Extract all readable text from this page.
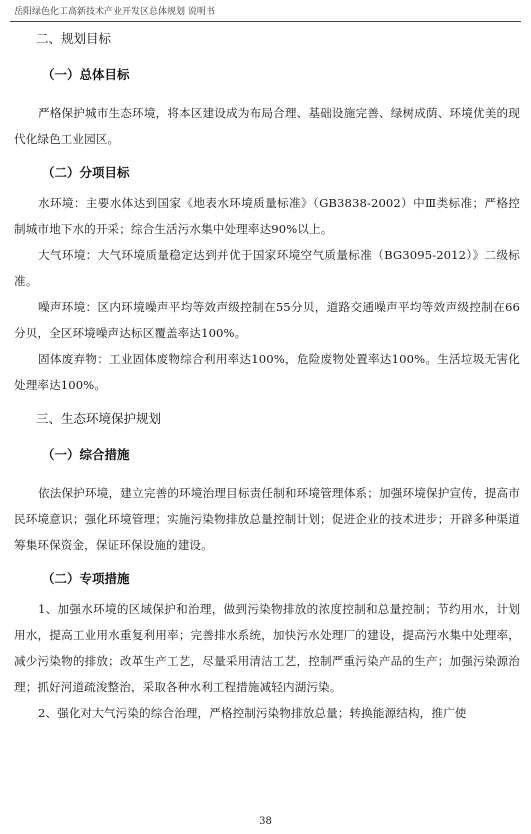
岳阳绿色化工高新技术产业开发区总体规划 说明书
二、规划目标
（一）总体目标

严格保护城市生态环境，将本区建设成为布局合理、基础设施完善、绿树成荫、环境优美的现代化绿色工业园区。

（二）分项目标

水环境：主要水体达到国家《地表水环境质量标准》（GB3838-2002）中Ⅲ类标准；严格控制城市地下水的开采；综合生活污水集中处理率达90%以上。

大气环境：大气环境质量稳定达到并优于国家环境空气质量标准（BG3095-2012）》二级标准。

噪声环境：区内环境噪声平均等效声级控制在55分贝，道路交通噪声平均等效声级控制在66分贝，全区环境噪声达标区覆盖率达100%。

固体废弃物：工业固体废物综合利用率达100%，危险废物处置率达100%。生活垃圾无害化处理率达100%。

三、生态环境保护规划
（一）综合措施

依法保护环境，建立完善的环境治理目标责任制和环境管理体系；加强环境保护宣传，提高市民环境意识；强化环境管理；实施污染物排放总量控制计划；促进企业的技术进步；开辟多种渠道筹集环保资金，保证环保设施的建设。

（二）专项措施

1、加强水环境的区域保护和治理，做到污染物排放的浓度控制和总量控制；节约用水，计划用水，提高工业用水重复利用率；完善排水系统，加快污水处理厂的建设，提高污水集中处理率，减少污染物的排放；改革生产工艺，尽量采用清洁工艺，控制严重污染产品的生产；加强污染源治理；抓好河道疏浚整治，采取各种水利工程措施减轻内湖污染。

2、强化对大气污染的综合治理，严格控制污染物排放总量；转换能源结构，推广使

38
